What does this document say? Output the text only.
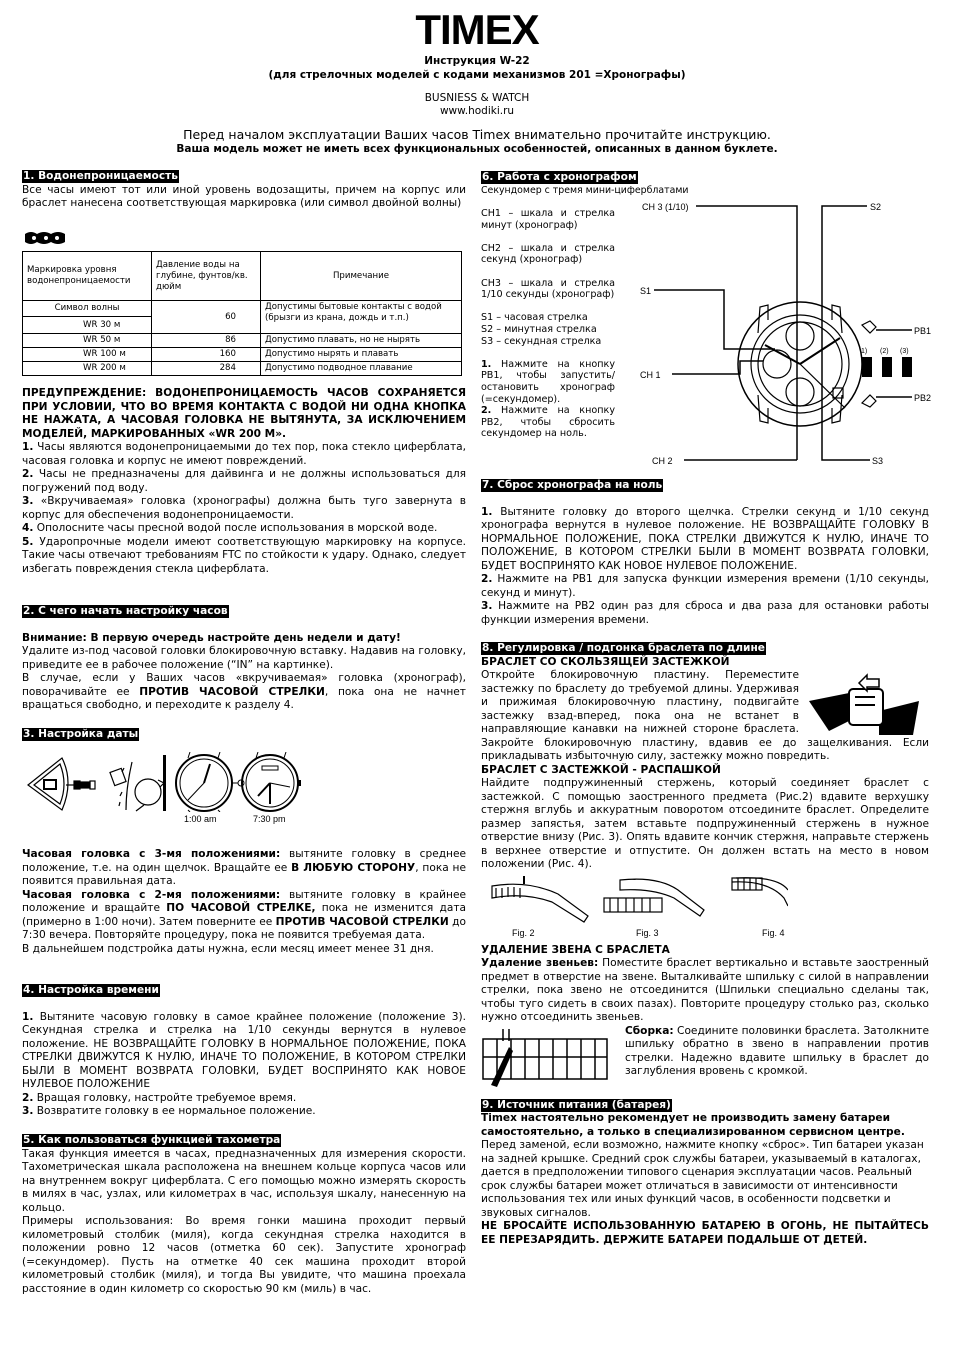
TIMEX
Инструкция W-22
(для стрелочных моделей с кодами механизмов 201 =Хронографы)
BUSNIESS & WATCH
www.hodiki.ru
Перед началом эксплуатации Ваших часов Timex внимательно прочитайте инструкцию.
Ваша модель может не иметь всех функциональных особенностей, описанных в данном буклете.
1. Водонепроницаемость

Все часы имеют тот или иной уровень водозащиты, причем на корпус или браслет нанесена соответствующая маркировка (или символ двойной волны)

Маркировка уровня водонепроницаемости	Давление воды на глубине, фунтов/кв. дюйм	Примечание
Символ волны	60	Допустимы бытовые контакты с водой (брызги из крана, дождь и т.п.)
WR 30 м		
WR 50 м	86	Допустимо плавать, но не нырять
WR 100 м	160	Допустимо нырять и плавать
WR 200 м	284	Допустимо подводное плавание

ПРЕДУПРЕЖДЕНИЕ: ВОДОНЕПРОНИЦАЕМОСТЬ ЧАСОВ СОХРАНЯЕТСЯ ПРИ УСЛОВИИ, ЧТО ВО ВРЕМЯ КОНТАКТА С ВОДОЙ НИ ОДНА КНОПКА НЕ НАЖАТА, А ЧАСОВАЯ ГОЛОВКА НЕ ВЫТЯНУТА, ЗА ИСКЛЮЧЕНИЕМ МОДЕЛЕЙ, МАРКИРОВАННЫХ «WR 200 M».

1. Часы являются водонепроницаемыми до тех пор, пока стекло циферблата, часовая головка и корпус не имеют повреждений.

2. Часы не предназначены для дайвинга и не должны использоваться для погружений под воду.

3. «Вкручиваемая» головка (хронографы) должна быть туго завернута в корпус для обеспечения водонепроницаемости.

4. Ополосните часы пресной водой после использования в морской воде.

5. Ударопрочные модели имеют соответствующую маркировку на корпусе. Такие часы отвечают требованиям FTC по стойкости к удару. Однако, следует избегать повреждения стекла циферблата.

2. С чего начать настройку часов

Внимание: В первую очередь настройте день недели и дату!

Удалите из-под часовой головки блокировочную вставку. Надавив на головку, приведите ее в рабочее положение (“IN” на картинке).

В случае, если у Ваших часов «вкручиваемая» головка (хронограф), поворачивайте ее ПРОТИВ ЧАСОВОЙ СТРЕЛКИ, пока она не начнет вращаться свободно, и переходите к разделу 4.

3. Настройка даты
1:00 am	7:30 pm

Часовая головка с 3-мя положениями: вытяните головку в среднее положение, т.е. на один щелчок. Вращайте ее В ЛЮБУЮ СТОРОНУ, пока не появится правильная дата.

Часовая головка с 2-мя положениями: вытяните головку в крайнее положение и вращайте ПО ЧАСОВОЙ СТРЕЛКЕ, пока не изменится дата (примерно в 1:00 ночи). Затем поверните ее ПРОТИВ ЧАСОВОЙ СТРЕЛКИ до 7:30 вечера. Повторяйте процедуру, пока не появится требуемая дата.

В дальнейшем подстройка даты нужна, если месяц имеет менее 31 дня.

4. Настройка времени

1. Вытяните часовую головку в самое крайнее положение (положение 3). Секундная стрелка и стрелка на 1/10 секунды вернутся в нулевое положение. НЕ ВОЗВРАЩАЙТЕ ГОЛОВКУ В НОРМАЛЬНОЕ ПОЛОЖЕНИЕ, ПОКА СТРЕЛКИ ДВИЖУТСЯ К НУЛЮ, ИНАЧЕ ТО ПОЛОЖЕНИЕ, В КОТОРОМ СТРЕЛКИ БЫЛИ В МОМЕНТ ВОЗВРАТА ГОЛОВКИ, БУДЕТ ВОСПРИНЯТО КАК НОВОЕ НУЛЕВОЕ ПОЛОЖЕНИЕ

2. Вращая головку, настройте требуемое время.

3. Возвратите головку в ее нормальное положение.

5. Как пользоваться функцией тахометра

Такая функция имеется в часах, предназначенных для измерения скорости. Тахометрическая шкала расположена на внешнем кольце корпуса часов или на внутреннем вокруг циферблата. С его помощью можно измерять скорость в милях в час, узлах, или километрах в час, используя шкалу, нанесенную на кольцо.

Примеры использования: Во время гонки машина проходит первый километровый столбик (миля), когда секундная стрелка находится в положении ровно 12 часов (отметка 60 сек). Запустите хронограф (=секундомер). Пусть на отметке 40 сек машина проходит второй километровый столбик (миля), и тогда Вы увидите, что машина проехала расстояние в один километр со скоростью 90 км (миль) в час.

6. Работа с хронографом
Секундомер с тремя мини-циферблатами

CH1 – шкала и стрелка минут (хронограф)

CH2 – шкала и стрелка секунд (хронограф)

CH3 – шкала и стрелка 1/10 секунды (хронограф)

S1 – часовая стрелка
S2 – минутная стрелка
S3 – секундная стрелка

1. Нажмите на кнопку PB1, чтобы запустить/остановить хронограф (=секундомер).

2. Нажмите на кнопку PB2, чтобы сбросить секундомер на ноль.

CH 3 (1/10)	S2
S1
PB1
CH 1
PB2
CH 2	S3
1) (2) (3)
7. Сброс хронографа на ноль

1. Вытяните головку до второго щелчка. Стрелки секунд и 1/10 секунд хронографа вернутся в нулевое положение. НЕ ВОЗВРАЩАЙТЕ ГОЛОВКУ В НОРМАЛЬНОЕ ПОЛОЖЕНИЕ, ПОКА СТРЕЛКИ ДВИЖУТСЯ К НУЛЮ, ИНАЧЕ ТО ПОЛОЖЕНИЕ, В КОТОРОМ СТРЕЛКИ БЫЛИ В МОМЕНТ ВОЗВРАТА ГОЛОВКИ, БУДЕТ ВОСПРИНЯТО КАК НОВОЕ НУЛЕВОЕ ПОЛОЖЕНИЕ.

2. Нажмите на PB1 для запуска функции измерения времени (1/10 секунды, секунд и минут).

3. Нажмите на PB2 один раз для сброса и два раза для остановки работы функции измерения времени.

8. Регулировка / подгонка браслета по длине
БРАСЛЕТ СО СКОЛЬЗЯЩЕЙ ЗАСТЕЖКОЙ

Откройте блокировочную пластину. Переместите застежку по браслету до требуемой длины. Удерживая и прижимая блокировочную пластину, подвигайте застежку взад-вперед, пока она не встанет в направляющие канавки на нижней стороне браслета. Закройте блокировочную пластину, вдавив ее до защелкивания. Если прикладывать избыточную силу, застежку можно повредить.

БРАСЛЕТ С ЗАСТЕЖКОЙ - РАСПАШКОЙ

Найдите подпружиненный стержень, который соединяет браслет с застежкой. С помощью заостренного предмета (Рис.2) вдавите верхушку стержня вглубь и аккуратным поворотом отсоедините браслет. Определите размер запястья, затем вставьте подпружиненный стержень в нужное отверстие внизу (Рис. 3). Опять вдавите кончик стержня, направьте стержень в верхнее отверстие и отпустите. Он должен встать на место в новом положении (Рис. 4).

Fig. 2	Fig. 3	Fig. 4
УДАЛЕНИЕ ЗВЕНА С БРАСЛЕТА

Удаление звеньев: Поместите браслет вертикально и вставьте заостренный предмет в отверстие на звене. Выталкивайте шпильку с силой в направлении стрелки, пока звено не отсоединится (Шпильки специально сделаны так, чтобы туго сидеть в своих пазах). Повторите процедуру столько раз, сколько нужно отсоединить звеньев.

Сборка: Соедините половинки браслета. Затолкните шпильку обратно в звено в направлении против стрелки. Надежно вдавите шпильку в браслет до заглубления вровень с кромкой.

9. Источник питания (батарея)

Timex настоятельно рекомендует не производить замену батареи самостоятельно, а только в специализированном сервисном центре. Перед заменой, если возможно, нажмите кнопку «сброс». Тип батареи указан на задней крышке. Средний срок службы батареи, указываемый в каталогах, дается в предположении типового сценария эксплуатации часов. Реальный срок службы батареи может отличаться в зависимости от интенсивности использования тех или иных функций часов, в особенности подсветки и звуковых сигналов.

НЕ БРОСАЙТЕ ИСПОЛЬЗОВАННУЮ БАТАРЕЮ В ОГОНЬ, НЕ ПЫТАЙТЕСЬ ЕЕ ПЕРЕЗАРЯДИТЬ. ДЕРЖИТЕ БАТАРЕИ ПОДАЛЬШЕ ОТ ДЕТЕЙ.
